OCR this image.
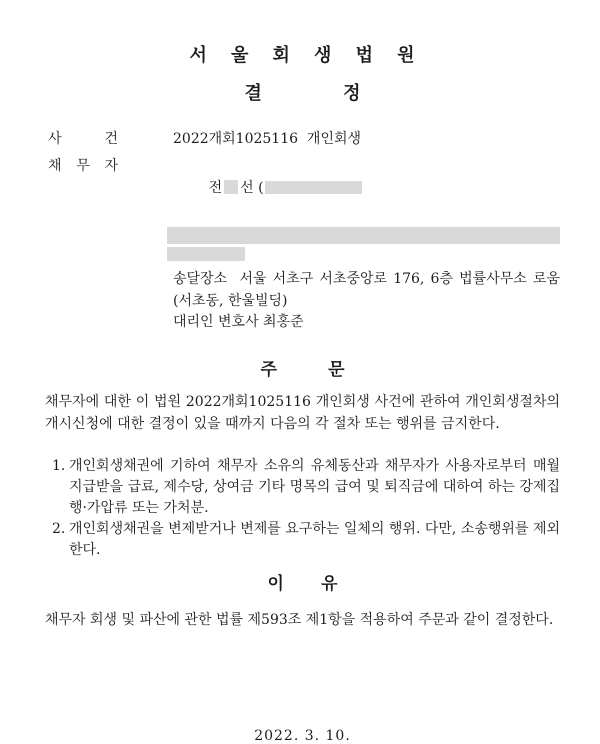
서 울 회 생 법 원
결 정
사 건	2022개회1025116  개인회생
채 무 자

전 선 (

송달장소  서울 서초구 서초중앙로 176, 6층 법률사무소 로움(서초동, 한울빌딩)
대리인 변호사 최홍준
주 문
채무자에 대한 이 법원 2022개회1025116 개인회생 사건에 관하여 개인회생절차의 개시신청에 대한 결정이 있을 때까지 다음의 각 절차 또는 행위를 금지한다.
1. 개인회생채권에 기하여 채무자 소유의 유체동산과 채무자가 사용자로부터 매월 지급받을 급료, 제수당, 상여금 기타 명목의 급여 및 퇴직금에 대하여 하는 강제집행·가압류 또는 가처분.
2. 개인회생채권을 변제받거나 변제를 요구하는 일체의 행위. 다만, 소송행위를 제외한다.
이 유
채무자 회생 및 파산에 관한 법률 제593조 제1항을 적용하여 주문과 같이 결정한다.
2022. 3. 10.
